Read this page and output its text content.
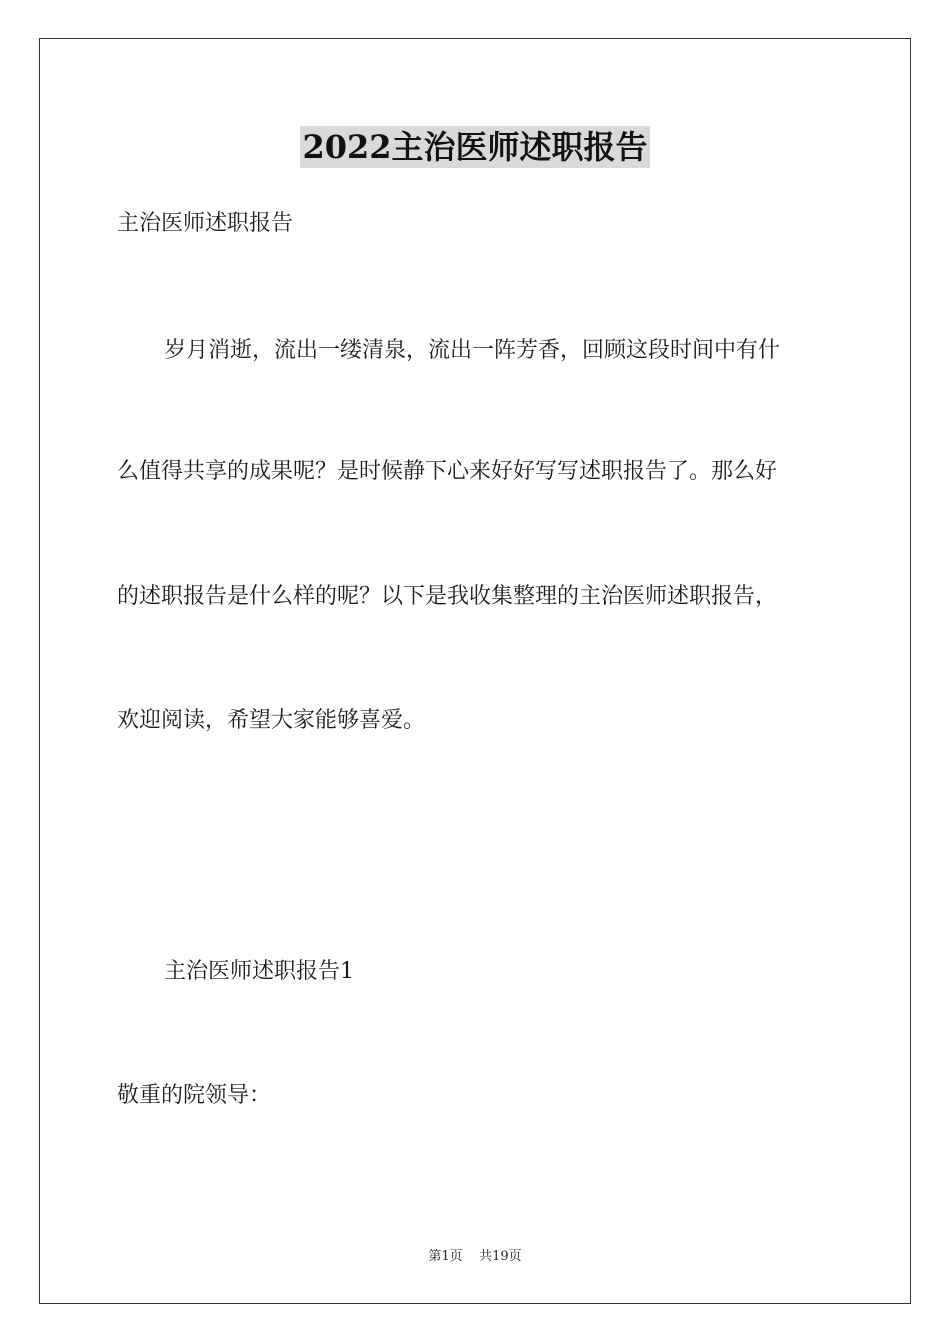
2022主治医师述职报告
主治医师述职报告
岁月消逝，流出一缕清泉，流出一阵芳香，回顾这段时间中有什
么值得共享的成果呢？是时候静下心来好好写写述职报告了。那么好
的述职报告是什么样的呢？以下是我收集整理的主治医师述职报告，
欢迎阅读，希望大家能够喜爱。
主治医师述职报告1
敬重的院领导：
第1页 共19页
